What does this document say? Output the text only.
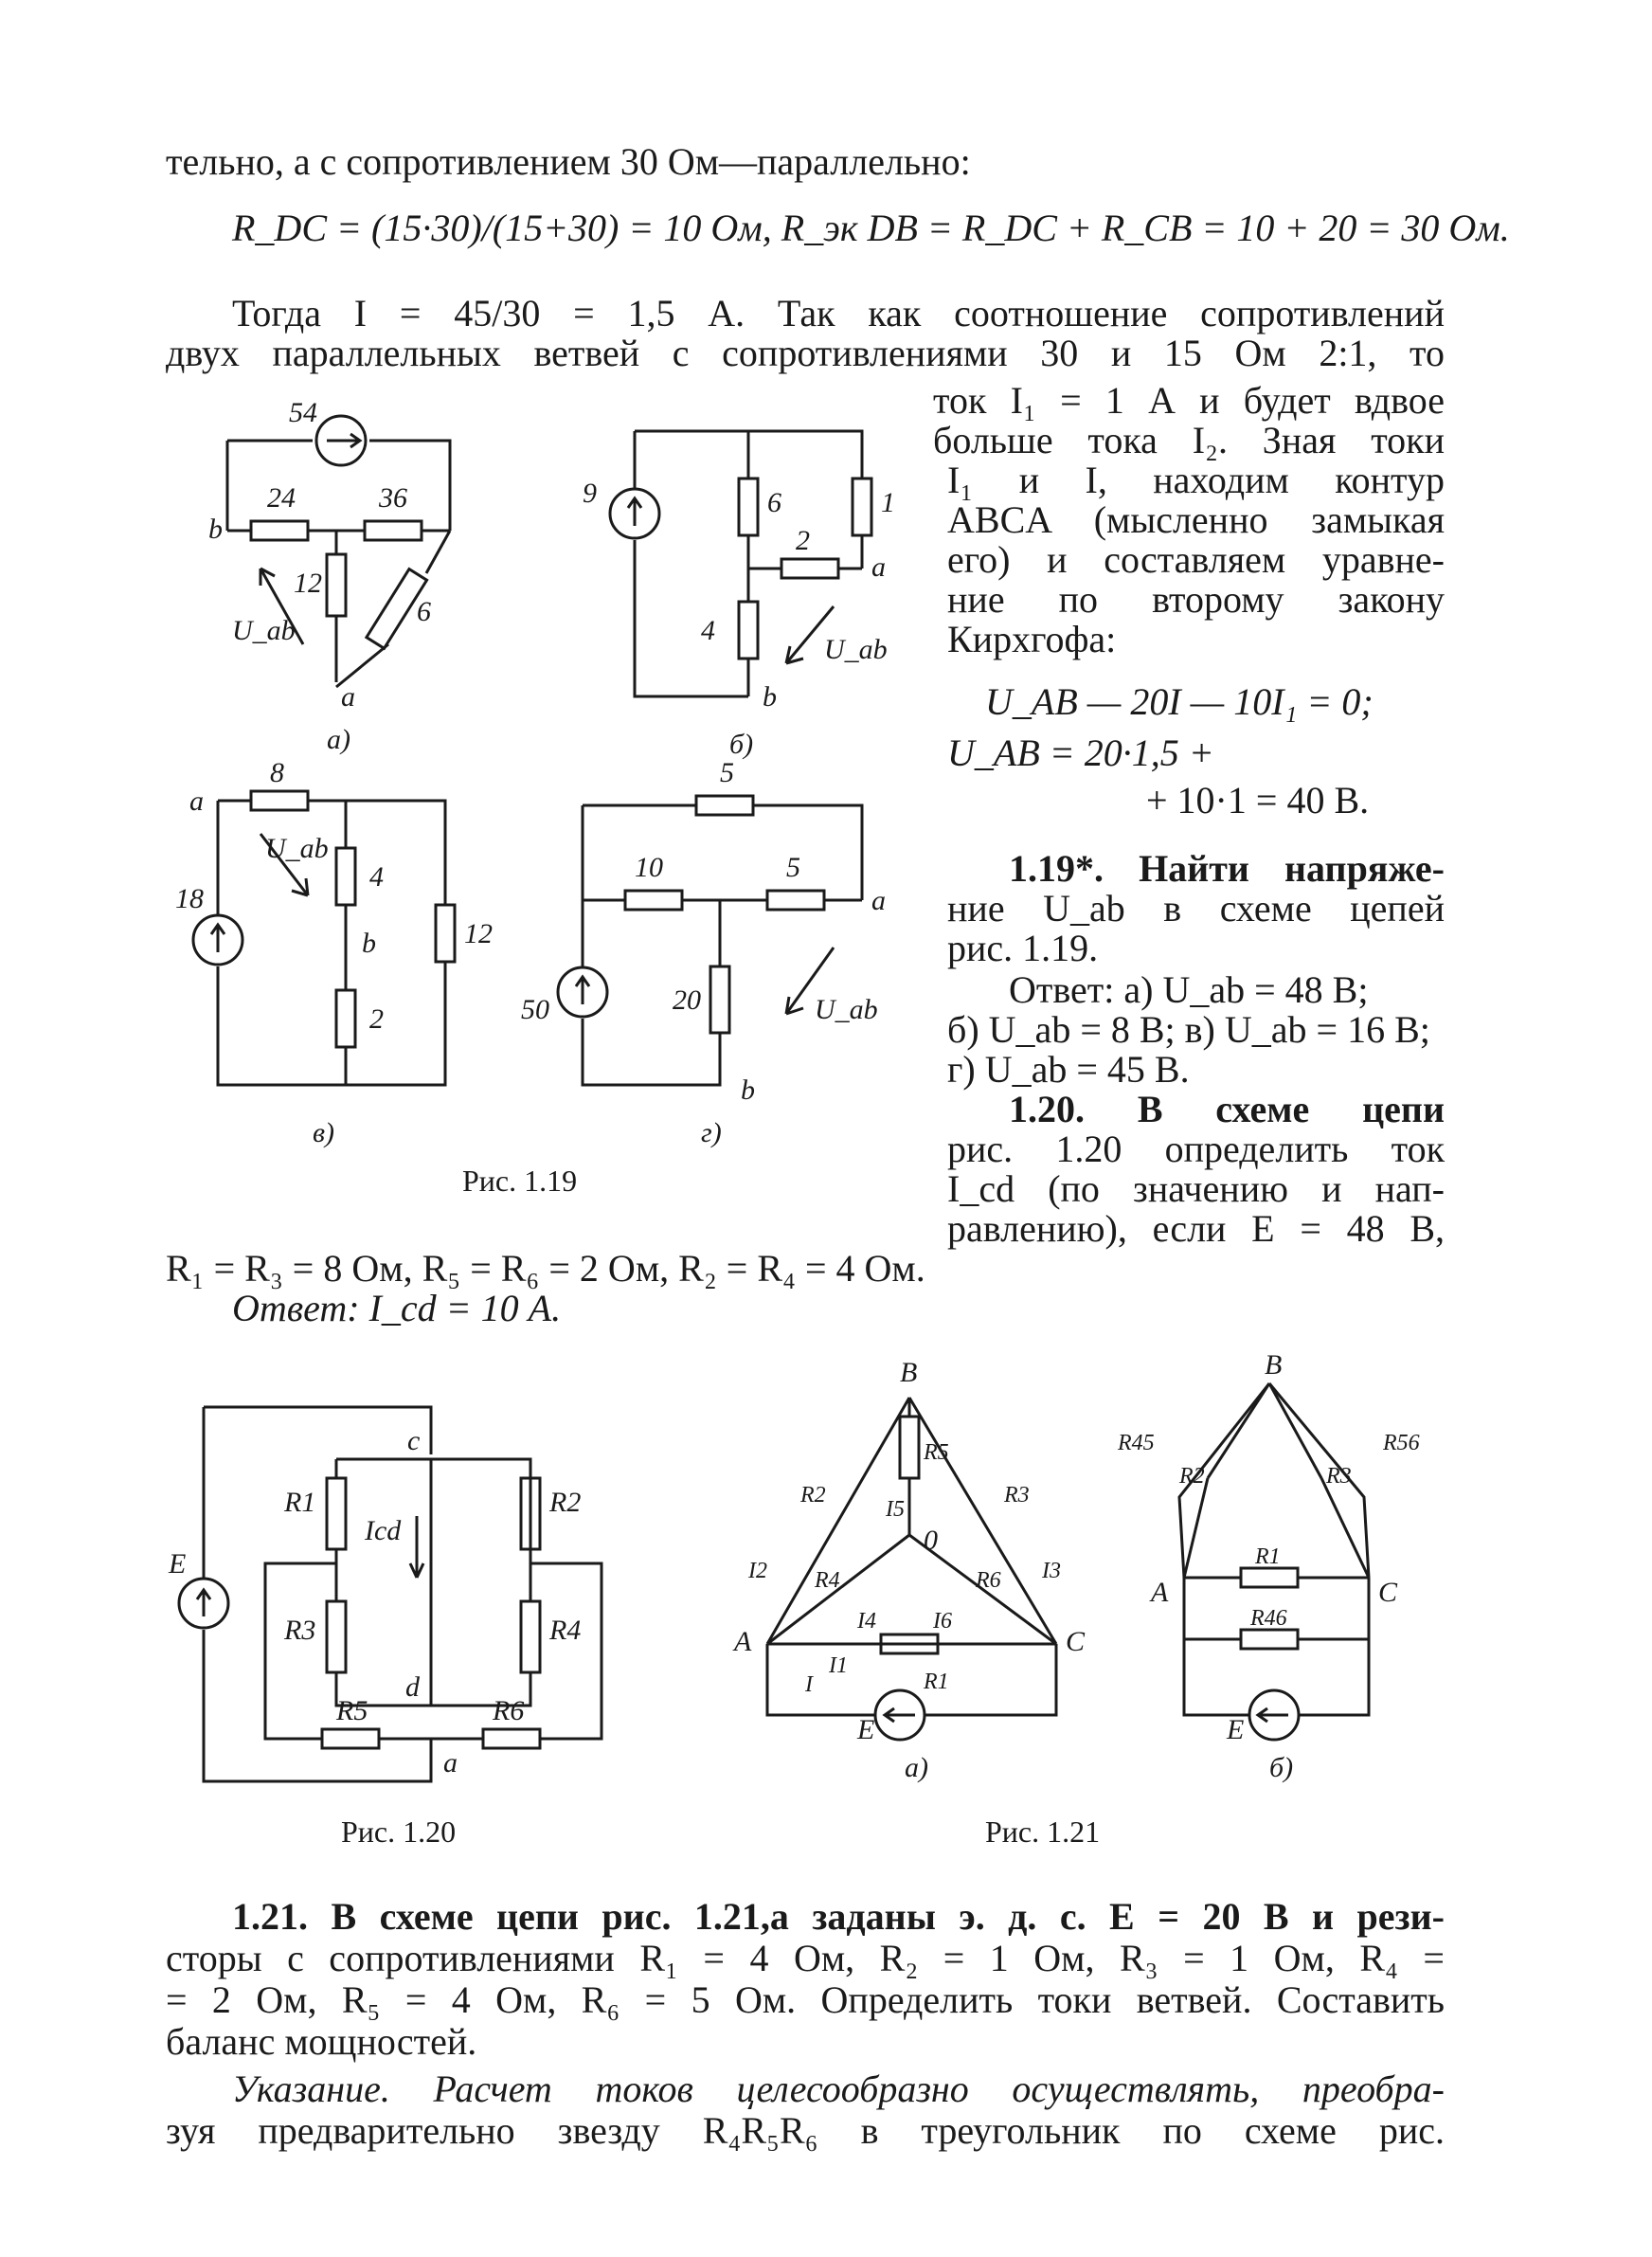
тельно, а с сопротивлением 30 Ом—параллельно:
R_DC = (15·30)/(15+30) = 10 Ом, R_эк DB = R_DC + R_CB = 10 + 20 = 30 Ом.
Тогда I = 45/30 = 1,5 А. Так как соотношение сопротивлений
двух параллельных ветвей с сопротивлениями 30 и 15 Ом 2:1, то
ток I₁ = 1 А и будет вдвое
больше тока I₂. Зная токи
I₁ и I, находим контур
ABCA (мысленно замыкая
его) и составляем уравне-
ние по второму закону
Кирхгофа:
U_AB — 20I — 10I₁ = 0;
U_AB = 20·1,5 +
+ 10·1 = 40 В.
1.19*. Найти напряже-
ние U_ab в схеме цепей
рис. 1.19.
Ответ: а) U_ab = 48 В;
б) U_ab = 8 В; в) U_ab = 16 В;
г) U_ab = 45 В.
1.20. В схеме цепи
рис. 1.20 определить ток
I_cd (по значению и нап-
равлению), если E = 48 В,
R₁ = R₃ = 8 Ом, R₅ = R₆ = 2 Ом, R₂ = R₄ = 4 Ом.
Ответ: I_cd = 10 А.
54
24	36
12
6
U_ab
b
a
а)
9	6	1
2
4
U_ab
a
b
б)
a
18
8
4
2
12
U_ab
b
в)
5
10	5
20
50	U_ab
a
b
г)
Рис. 1.19
E
R1	R2
R3	R4
R5	R6
c
d
a
Icd
Рис. 1.20
B
A	C
0
E
R2	R3
R5
R4	R6
R1
I
I1
I2	I3
I4
I5
I6
а)
B
A	C
E
R45
R2	R3
R56
R1
R46
б)
Рис. 1.21
1.21. В схеме цепи рис. 1.21,а заданы э. д. с. E = 20 В и рези-
сторы с сопротивлениями R₁ = 4 Ом, R₂ = 1 Ом, R₃ = 1 Ом, R₄ =
= 2 Ом, R₅ = 4 Ом, R₆ = 5 Ом. Определить токи ветвей. Составить
баланс мощностей.
Указание. Расчет токов целесообразно осуществлять, преобра-
зуя предварительно звезду R₄R₅R₆ в треугольник по схеме рис.
